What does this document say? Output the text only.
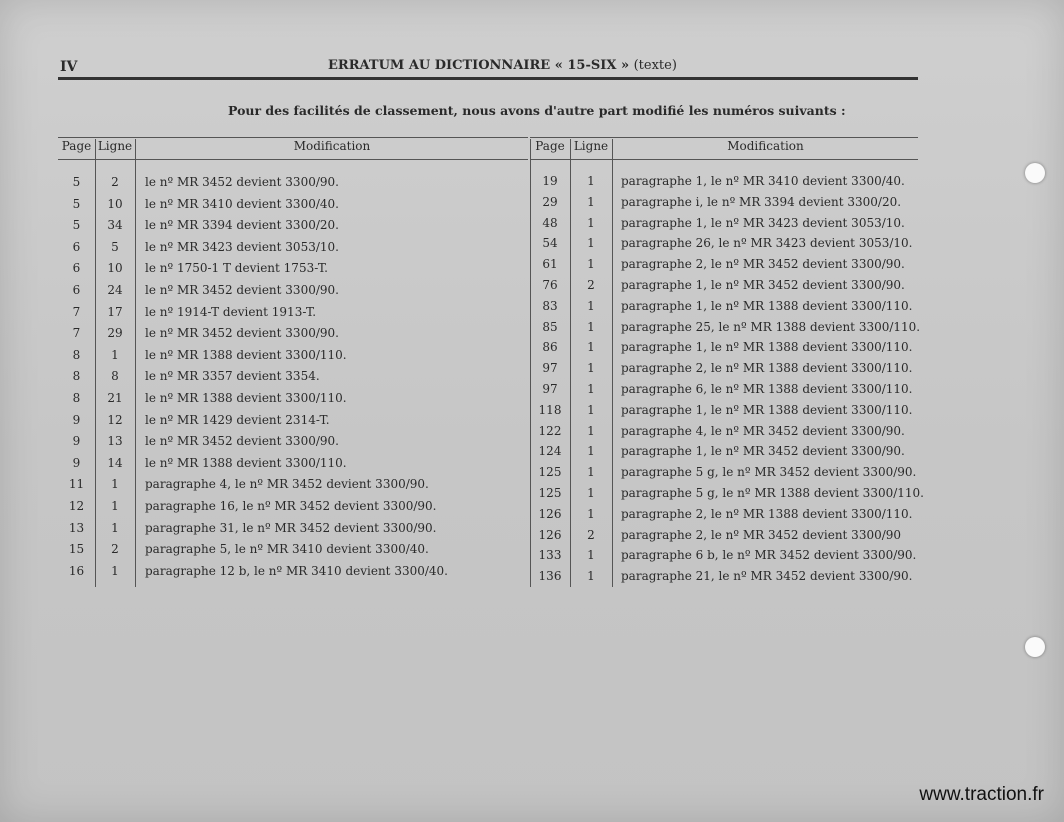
IV	ERRATUM AU DICTIONNAIRE « 15-SIX » (texte)
Pour des facilités de classement, nous avons d'autre part modifié les numéros suivants :
Page Ligne	Modification	Page Ligne	Modification
5	2	le nº MR 3452 devient 3300/90.
5	10	le nº MR 3410 devient 3300/40.
5	34	le nº MR 3394 devient 3300/20.
6	5	le nº MR 3423 devient 3053/10.
6	10	le nº 1750-1 T devient 1753-T.
6	24	le nº MR 3452 devient 3300/90.
7	17	le nº 1914-T devient 1913-T.
7	29	le nº MR 3452 devient 3300/90.
8	1	le nº MR 1388 devient 3300/110.
8	8	le nº MR 3357 devient 3354.
8	21	le nº MR 1388 devient 3300/110.
9	12	le nº MR 1429 devient 2314-T.
9	13	le nº MR 3452 devient 3300/90.
9	14	le nº MR 1388 devient 3300/110.
11	1	paragraphe 4, le nº MR 3452 devient 3300/90.
12	1	paragraphe 16, le nº MR 3452 devient 3300/90.
13	1	paragraphe 31, le nº MR 3452 devient 3300/90.
15	2	paragraphe 5, le nº MR 3410 devient 3300/40.
16	1	paragraphe 12 b, le nº MR 3410 devient 3300/40.
19	1	paragraphe 1, le nº MR 3410 devient 3300/40.
29	1	paragraphe i, le nº MR 3394 devient 3300/20.
48	1	paragraphe 1, le nº MR 3423 devient 3053/10.
54	1	paragraphe 26, le nº MR 3423 devient 3053/10.
61	1	paragraphe 2, le nº MR 3452 devient 3300/90.
76	2	paragraphe 1, le nº MR 3452 devient 3300/90.
83	1	paragraphe 1, le nº MR 1388 devient 3300/110.
85	1	paragraphe 25, le nº MR 1388 devient 3300/110.
86	1	paragraphe 1, le nº MR 1388 devient 3300/110.
97	1	paragraphe 2, le nº MR 1388 devient 3300/110.
97	1	paragraphe 6, le nº MR 1388 devient 3300/110.
118	1	paragraphe 1, le nº MR 1388 devient 3300/110.
122	1	paragraphe 4, le nº MR 3452 devient 3300/90.
124	1	paragraphe 1, le nº MR 3452 devient 3300/90.
125	1	paragraphe 5 g, le nº MR 3452 devient 3300/90.
125	1	paragraphe 5 g, le nº MR 1388 devient 3300/110.
126	1	paragraphe 2, le nº MR 1388 devient 3300/110.
126	2	paragraphe 2, le nº MR 3452 devient 3300/90
133	1	paragraphe 6 b, le nº MR 3452 devient 3300/90.
136	1	paragraphe 21, le nº MR 3452 devient 3300/90.
www.traction.fr
